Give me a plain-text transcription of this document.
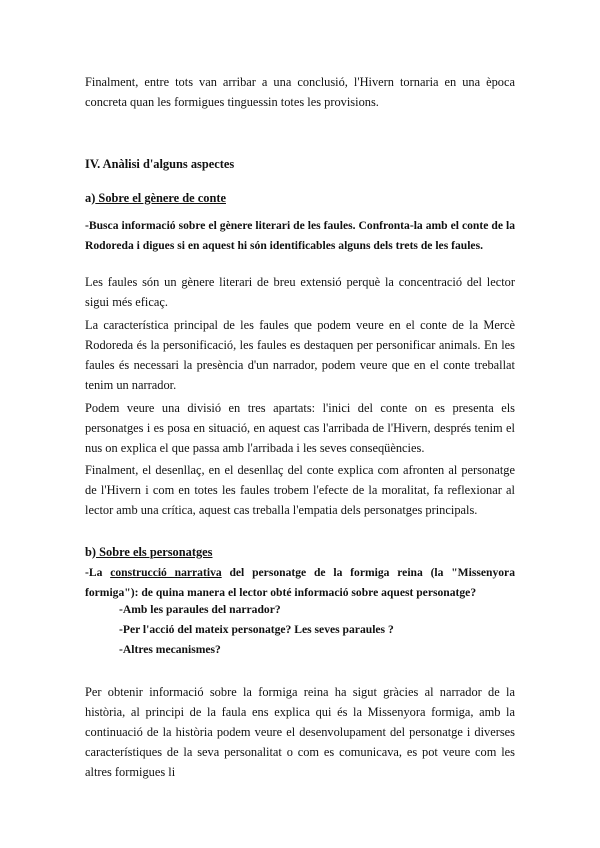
Finalment, entre tots van arribar a una conclusió, l'Hivern tornaria en una època concreta quan les formigues tinguessin totes les provisions.

IV. Anàlisi d'alguns aspectes

a) Sobre el gènere de conte

-Busca informació sobre el gènere literari de les faules. Confronta-la amb el conte de la Rodoreda i digues si en aquest hi són identificables alguns dels trets de les faules.

Les faules són un gènere literari de breu extensió perquè la concentració del lector sigui més eficaç.

La característica principal de les faules que podem veure en el conte de la Mercè Rodoreda és la personificació, les faules es destaquen per personificar animals. En les faules és necessari la presència d'un narrador, podem veure que en el conte treballat tenim un narrador.

Podem veure una divisió en tres apartats: l'inici del conte on es presenta els personatges i es posa en situació, en aquest cas l'arribada de l'Hivern, després tenim el nus on explica el que passa amb l'arribada i les seves conseqüències.

Finalment, el desenllaç, en el desenllaç del conte explica com afronten al personatge de l'Hivern i com en totes les faules trobem l'efecte de la moralitat, fa reflexionar al lector amb una crítica, aquest cas treballa l'empatia dels personatges principals.

b) Sobre els personatges

-La construcció narrativa del personatge de la formiga reina (la "Missenyora formiga"): de quina manera el lector obté informació sobre aquest personatge?

-Amb les paraules del narrador?

-Per l'acció del mateix personatge? Les seves paraules ?

-Altres mecanismes?

Per obtenir informació sobre la formiga reina ha sigut gràcies al narrador de la història, al principi de la faula ens explica qui és la Missenyora formiga, amb la continuació de la història podem veure el desenvolupament del personatge i diverses característiques de la seva personalitat o com es comunicava, es pot veure com les altres formigues li
